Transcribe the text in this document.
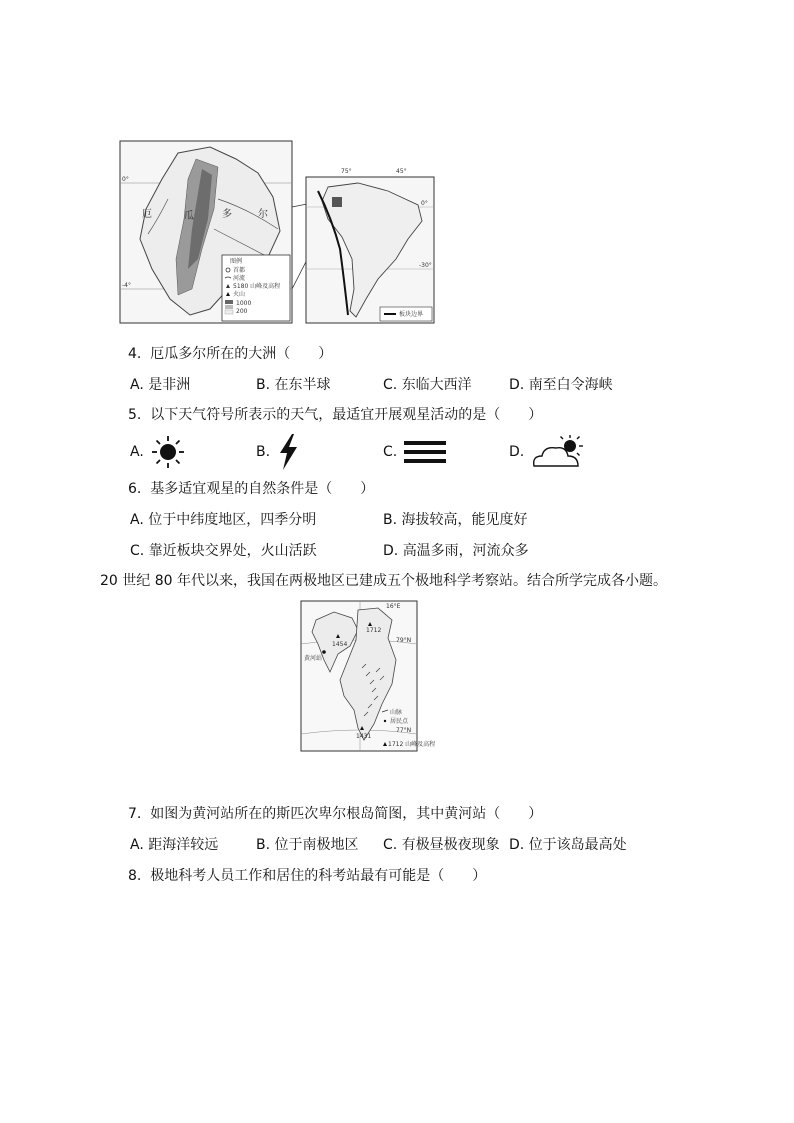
0°
-4°
厄	瓜	多	尔
图例
首都
河流
5180 山峰及高程
火山
1000
200
75°	45°
0°
-30°
板块边界
4. 厄瓜多尔所在的大洲（　　）
A. 是非洲	B. 在东半球	C. 东临大西洋	D. 南至白令海峡
5. 以下天气符号所表示的天气，最适宜开展观星活动的是（　　）
A.	B.	C.	D.
6. 基多适宜观星的自然条件是（　　）
A. 位于中纬度地区，四季分明	B. 海拔较高，能见度好
C. 靠近板块交界处，火山活跃	D. 高温多雨，河流众多
20 世纪 80 年代以来，我国在两极地区已建成五个极地科学考察站。结合所学完成各小题。
16°E
79°N
77°N
黄河站
1454
1712
1431
山脉
居民点
1712 山峰及高程
7. 如图为黄河站所在的斯匹次卑尔根岛简图，其中黄河站（　　）
A. 距海洋较远	B. 位于南极地区 C. 有极昼极夜现象 D. 位于该岛最高处
8. 极地科考人员工作和居住的科考站最有可能是（　　）
